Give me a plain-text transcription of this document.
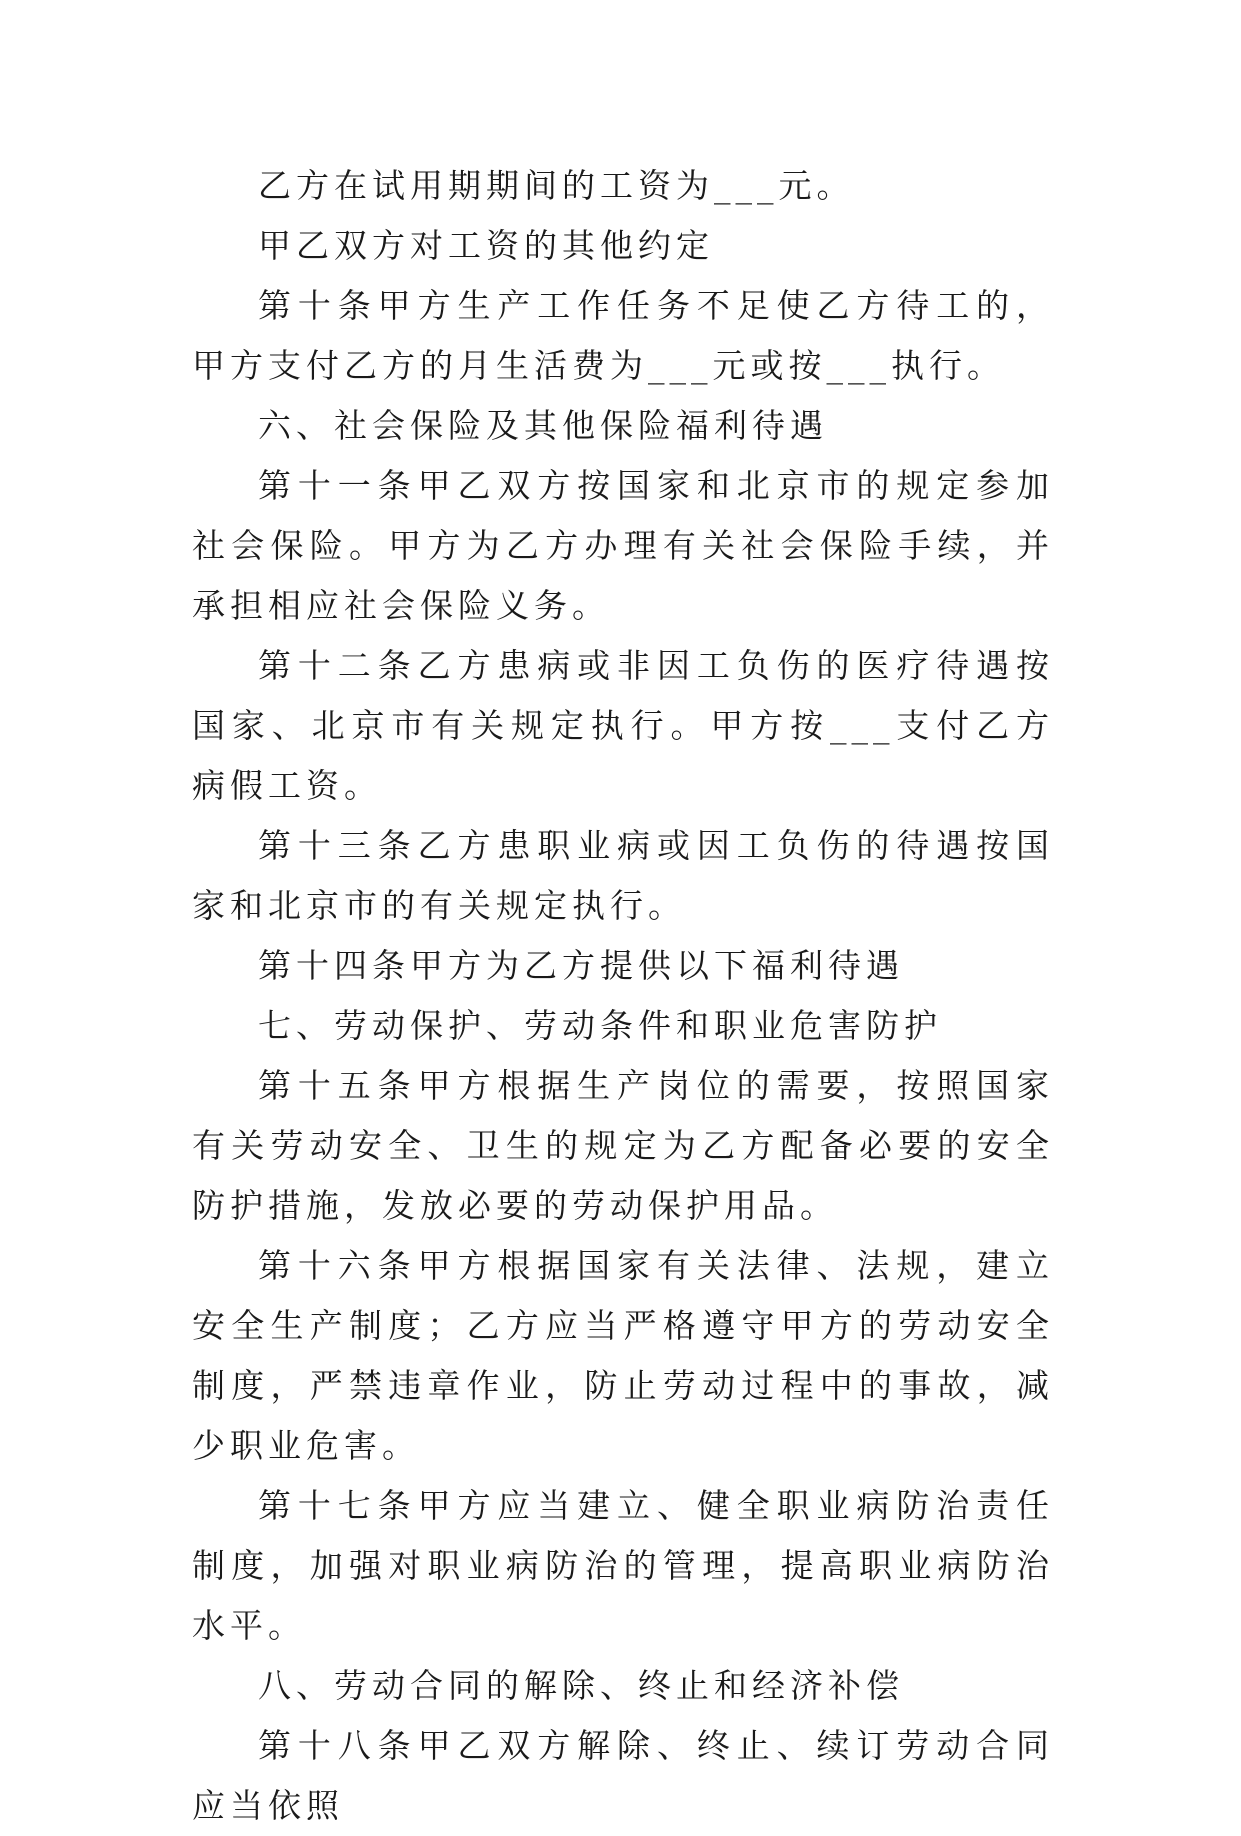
乙方在试用期期间的工资为___元。

甲乙双方对工资的其他约定

第十条甲方生产工作任务不足使乙方待工的，甲方支付乙方的月生活费为___元或按___执行。

六、社会保险及其他保险福利待遇

第十一条甲乙双方按国家和北京市的规定参加社会保险。甲方为乙方办理有关社会保险手续，并承担相应社会保险义务。

第十二条乙方患病或非因工负伤的医疗待遇按国家、北京市有关规定执行。甲方按___支付乙方病假工资。

第十三条乙方患职业病或因工负伤的待遇按国家和北京市的有关规定执行。

第十四条甲方为乙方提供以下福利待遇

七、劳动保护、劳动条件和职业危害防护

第十五条甲方根据生产岗位的需要，按照国家有关劳动安全、卫生的规定为乙方配备必要的安全防护措施，发放必要的劳动保护用品。

第十六条甲方根据国家有关法律、法规，建立安全生产制度；乙方应当严格遵守甲方的劳动安全制度，严禁违章作业，防止劳动过程中的事故，减少职业危害。

第十七条甲方应当建立、健全职业病防治责任制度，加强对职业病防治的管理，提高职业病防治水平。

八、劳动合同的解除、终止和经济补偿

第十八条甲乙双方解除、终止、续订劳动合同应当依照
